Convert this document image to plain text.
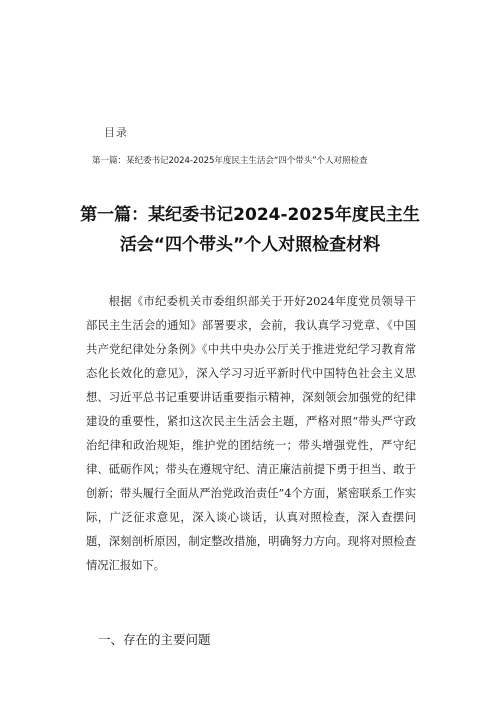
目录
第一篇：某纪委书记2024-2025年度民主生活会“四个带头”个人对照检查
第一篇：某纪委书记2024-2025年度民主生活会“四个带头”个人对照检查材料
根据《市纪委机关市委组织部关于开好2024年度党员领导干部民主生活会的通知》部署要求，会前，我认真学习党章、《中国共产党纪律处分条例》《中共中央办公厅关于推进党纪学习教育常态化长效化的意见》，深入学习习近平新时代中国特色社会主义思想、习近平总书记重要讲话重要指示精神，深刻领会加强党的纪律建设的重要性，紧扣这次民主生活会主题，严格对照“带头严守政治纪律和政治规矩，维护党的团结统一；带头增强党性，严守纪律、砥砺作风；带头在遵规守纪、清正廉洁前提下勇于担当、敢于创新；带头履行全面从严治党政治责任”4个方面，紧密联系工作实际，广泛征求意见，深入谈心谈话，认真对照检查，深入查摆问题，深刻剖析原因，制定整改措施，明确努力方向。现将对照检查情况汇报如下。
一、存在的主要问题
